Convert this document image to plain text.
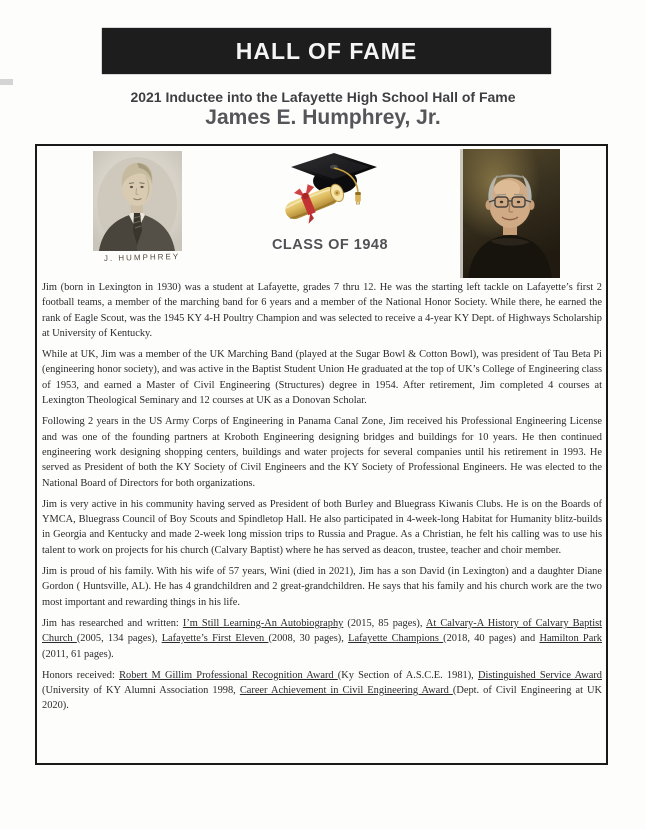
HALL OF FAME
2021 Inductee into the Lafayette High School Hall of Fame
James E. Humphrey, Jr.
J. HUMPHREY
CLASS OF 1948

Jim (born in Lexington in 1930) was a student at Lafayette, grades 7 thru 12. He was the starting left tackle on Lafayette’s first 2 football teams, a member of the marching band for 6 years and a member of the National Honor Society. While there, he earned the rank of Eagle Scout, was the 1945 KY 4-H Poultry Champion and was selected to receive a 4-year KY Dept. of Highways Scholarship at University of Kentucky.

While at UK, Jim was a member of the UK Marching Band (played at the Sugar Bowl & Cotton Bowl), was president of Tau Beta Pi (engineering honor society), and was active in the Baptist Student Union He graduated at the top of UK’s College of Engineering class of 1953, and earned a Master of Civil Engineering (Structures) degree in 1954. After retirement, Jim completed 4 courses at Lexington Theological Seminary and 12 courses at UK as a Donovan Scholar.

Following 2 years in the US Army Corps of Engineering in Panama Canal Zone, Jim received his Professional Engineering License and was one of the founding partners at Kroboth Engineering designing bridges and buildings for 10 years. He then continued engineering work designing shopping centers, buildings and water projects for several companies until his retirement in 1993. He served as President of both the KY Society of Civil Engineers and the KY Society of Professional Engineers. He was elected to the National Board of Directors for both organizations.

Jim is very active in his community having served as President of both Burley and Bluegrass Kiwanis Clubs. He is on the Boards of YMCA, Bluegrass Council of Boy Scouts and Spindletop Hall. He also participated in 4-week-long Habitat for Humanity blitz-builds in Georgia and Kentucky and made 2-week long mission trips to Russia and Prague. As a Christian, he felt his calling was to use his talent to work on projects for his church (Calvary Baptist) where he has served as deacon, trustee, teacher and choir member.

Jim is proud of his family. With his wife of 57 years, Wini (died in 2021), Jim has a son David (in Lexington) and a daughter Diane Gordon ( Huntsville, AL). He has 4 grandchildren and 2 great-grandchildren. He says that his family and his church work are the two most important and rewarding things in his life.

Jim has researched and written: I’m Still Learning-An Autobiography (2015, 85 pages), At Calvary-A History of Calvary Baptist Church (2005, 134 pages), Lafayette’s First Eleven (2008, 30 pages), Lafayette Champions (2018, 40 pages) and Hamilton Park (2011, 61 pages).

Honors received: Robert M Gillim Professional Recognition Award (Ky Section of A.S.C.E. 1981), Distinguished Service Award (University of KY Alumni Association 1998, Career Achievement in Civil Engineering Award (Dept. of Civil Engineering at UK 2020).
